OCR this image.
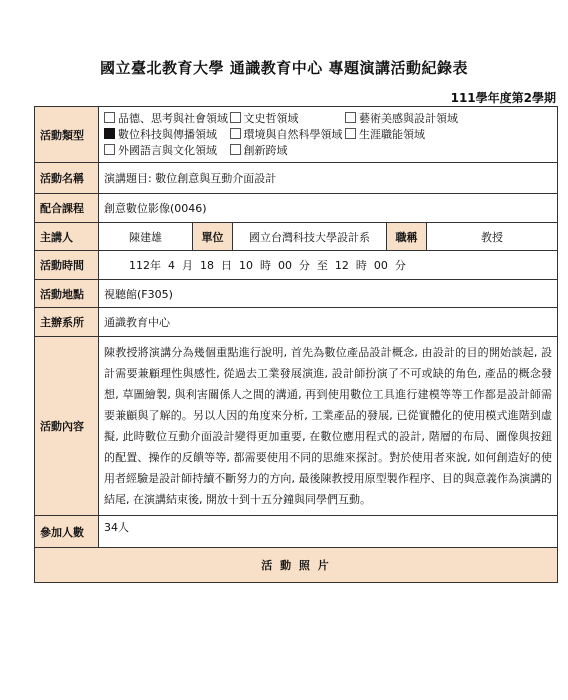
國立臺北教育大學 通識教育中心 專題演講活動紀錄表
111學年度第2學期
活動類型	品德、思考與社會領域 文史哲領域 藝術美感與設計領域
數位科技與傳播領域 環境與自然科學領域 生涯職能領域
外國語言與文化領域 創新跨域				

活動名稱	演講題目: 數位創意與互動介面設計				
配合課程	創意數位影像(0046)				
主講人	陳建雄	單位	國立台灣科技大學設計系	職稱	教授
活動時間	112年  4  月  18  日  10  時  00  分  至  12  時  00  分				
活動地點	視聽館(F305)				
主辦系所	通識教育中心				
活動內容	陳教授將演講分為幾個重點進行說明, 首先為數位產品設計概念, 由設計的目的開始談起, 設計需要兼顧理性與感性, 從過去工業發展演進, 設計師扮演了不可或缺的角色, 產品的概念發想, 草圖繪製, 與利害關係人之間的溝通, 再到使用數位工具進行建模等等工作都是設計師需要兼顧與了解的。另以人因的角度來分析, 工業產品的發展, 已從實體化的使用模式進階到虛擬, 此時數位互動介面設計變得更加重要, 在數位應用程式的設計, 階層的布局、圖像與按鈕的配置、操作的反饋等等, 都需要使用不同的思維來探討。對於使用者來說, 如何創造好的使用者經驗是設計師持續不斷努力的方向, 最後陳教授用原型製作程序、目的與意義作為演講的結尾, 在演講結束後, 開放十到十五分鐘與同學們互動。				
參加人數	34人				
活 動 照 片					
